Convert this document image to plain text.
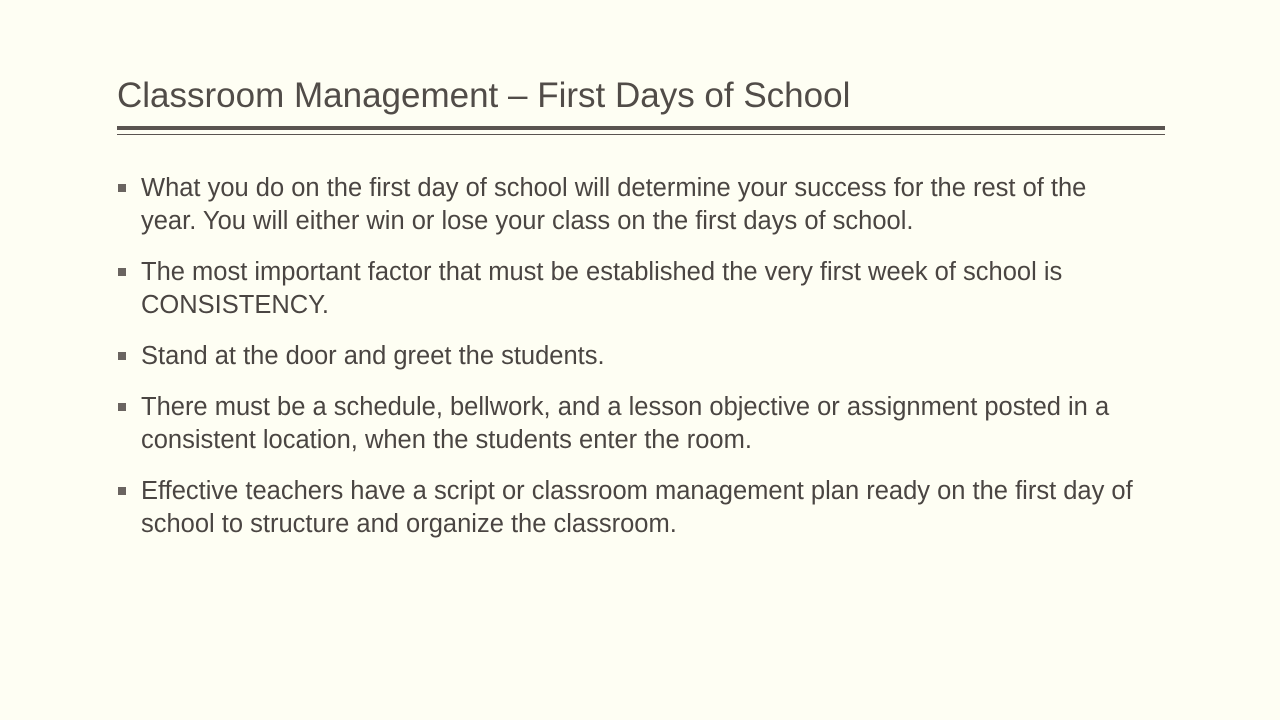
Classroom Management – First Days of School
What you do on the first day of school will determine your success for the rest of the year. You will either win or lose your class on the first days of school.
The most important factor that must be established the very first week of school is CONSISTENCY.
Stand at the door and greet the students.
There must be a schedule, bellwork, and a lesson objective or assignment posted in a consistent location, when the students enter the room.
Effective teachers have a script or classroom management plan ready on the first day of school to structure and organize the classroom.
